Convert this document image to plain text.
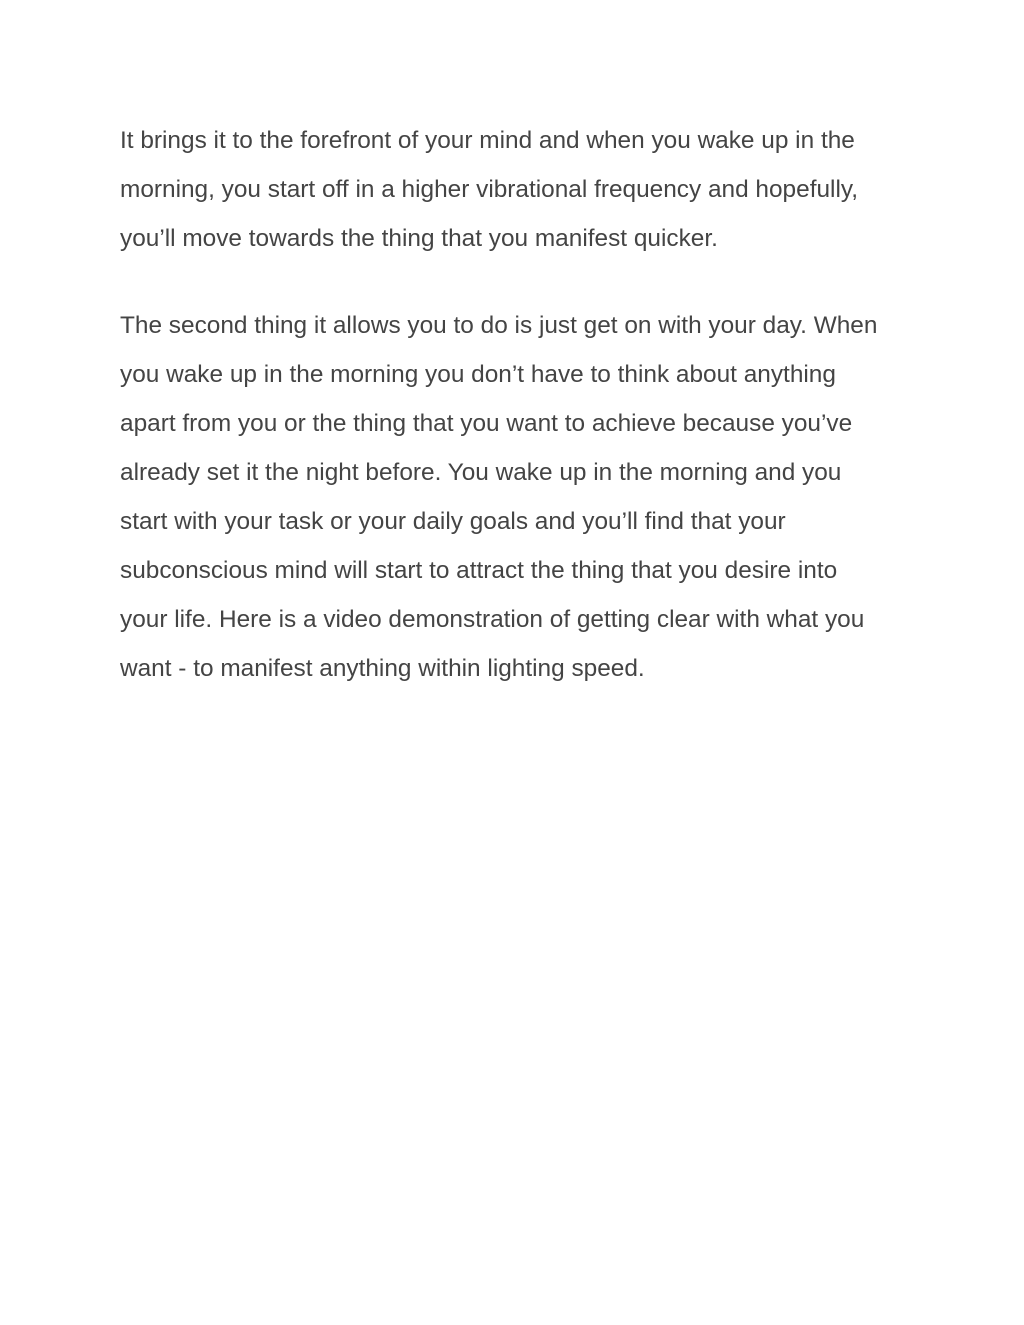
It brings it to the forefront of your mind and when you wake up in the
morning, you start off in a higher vibrational frequency and hopefully,
you’ll move towards the thing that you manifest quicker.

The second thing it allows you to do is just get on with your day. When
you wake up in the morning you don’t have to think about anything
apart from you or the thing that you want to achieve because you’ve
already set it the night before. You wake up in the morning and you
start with your task or your daily goals and you’ll find that your
subconscious mind will start to attract the thing that you desire into
your life. Here is a video demonstration of getting clear with what you
want - to manifest anything within lighting speed.
